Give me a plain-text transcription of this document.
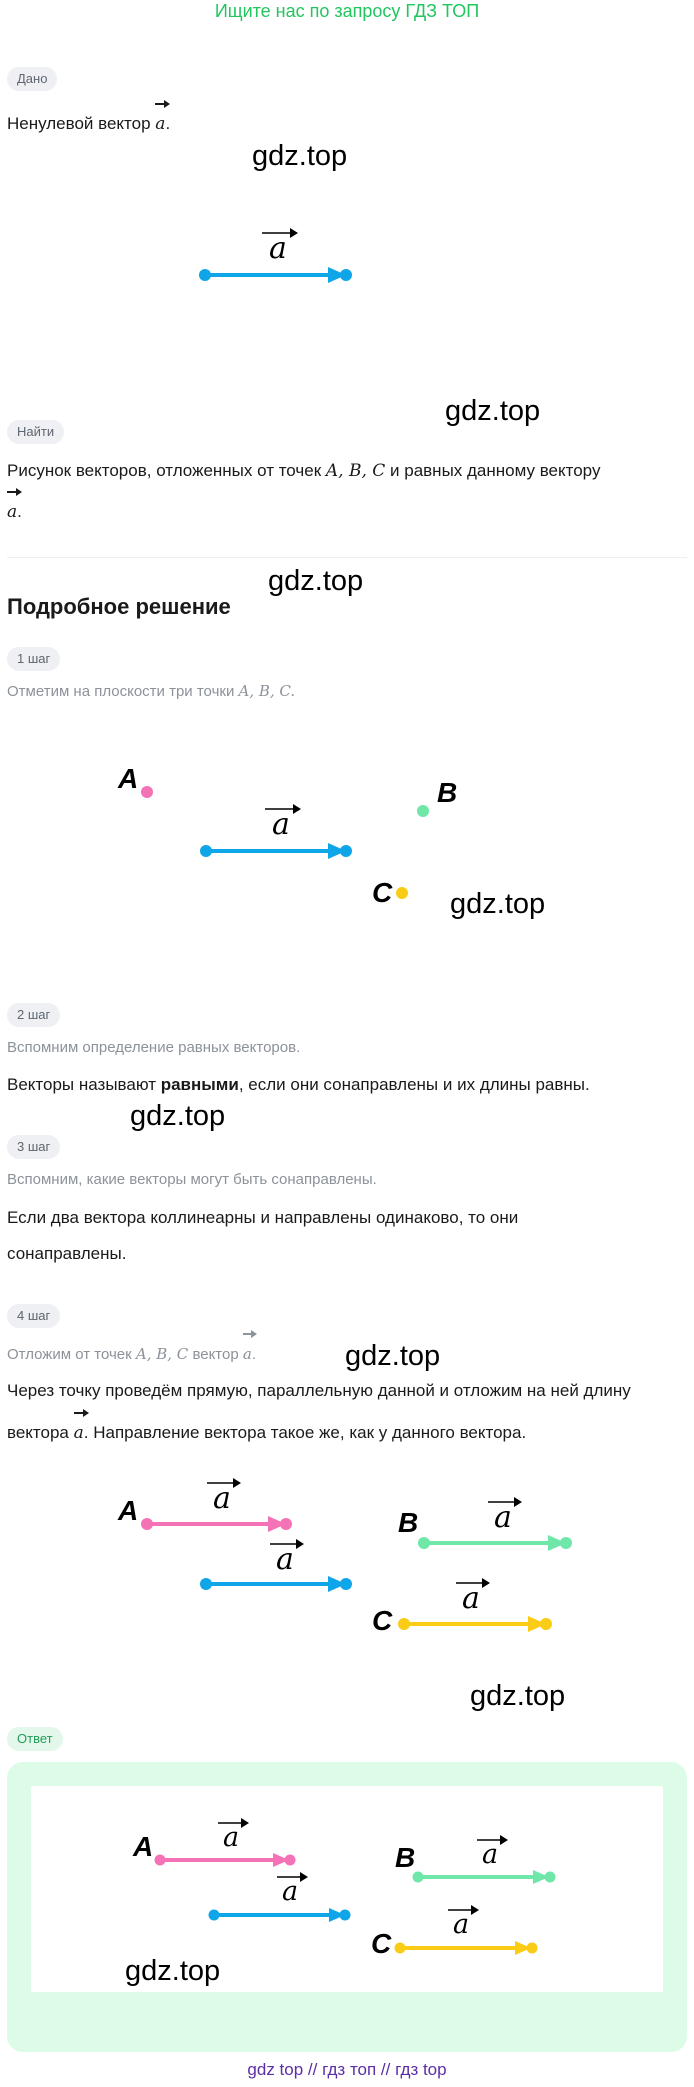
Ищите нас по запросу ГДЗ ТОП
Дано
Ненулевой вектор a.
gdz.top
a
gdz.top
Найти
Рисунок векторов, отложенных от точек A, B, C и равных данному вектору
a.
gdz.top
Подробное решение
1 шаг
Отметим на плоскости три точки A, B, C.
A	B
C
a
gdz.top
2 шаг
Вспомним определение равных векторов.
Векторы называют равными, если они сонаправлены и их длины равны.
gdz.top
3 шаг
Вспомним, какие векторы могут быть сонаправлены.
Если два вектора коллинеарны и направлены одинаково, то они
сонаправлены.
4 шаг
Отложим от точек A, B, C вектор a.	gdz.top
Через точку проведём прямую, параллельную данной и отложим на ней длину
вектора a. Направление вектора такое же, как у данного вектора.
A a
a
B	a
C
a
gdz.top
Ответ
A	a
a
B a
C
a
gdz.top
gdz top // гдз топ // гдз top
